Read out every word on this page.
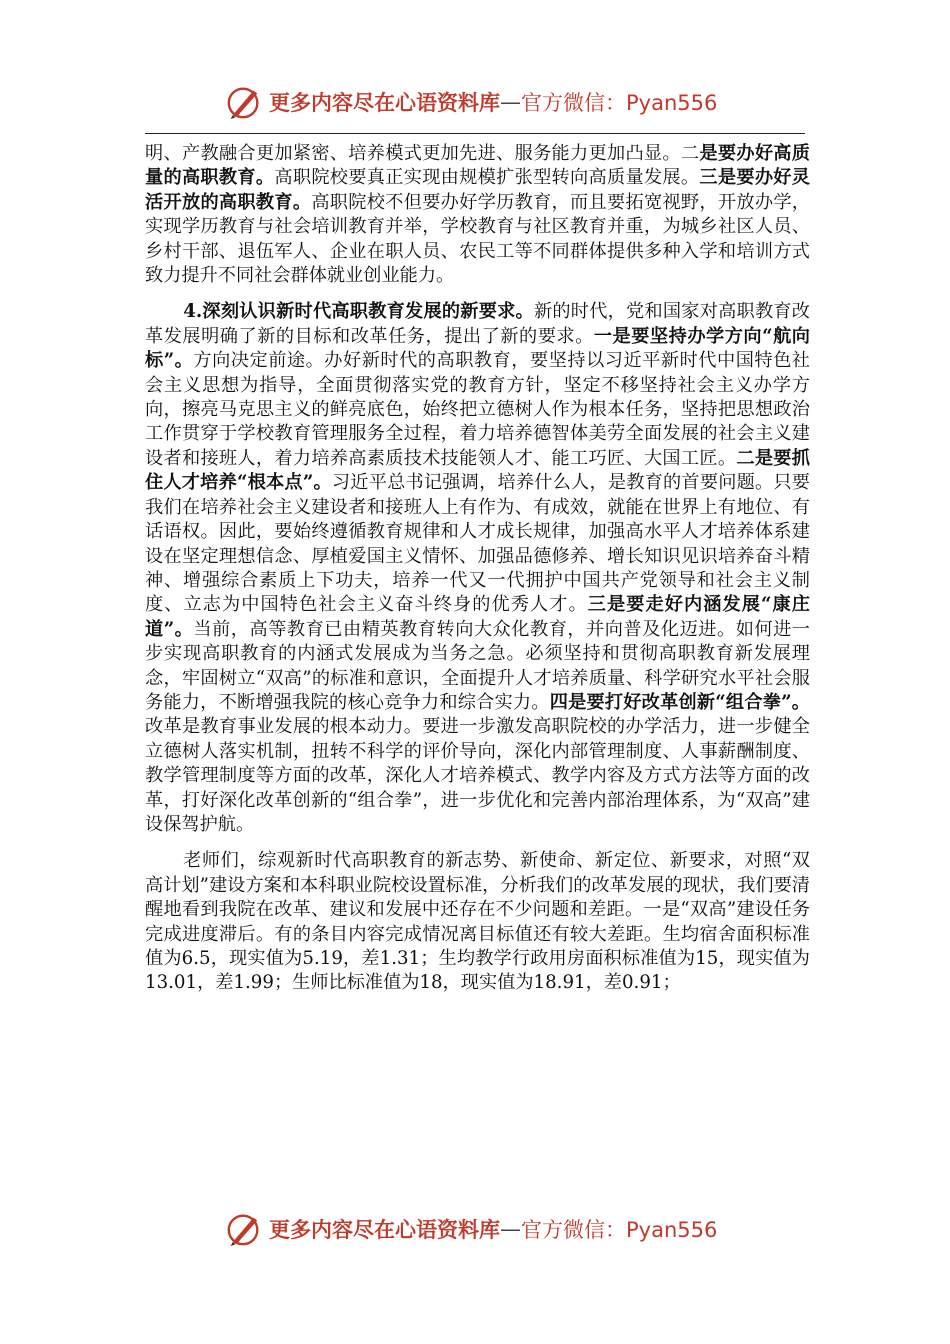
更多内容尽在心语资料库 — 官方微信：Pyan556

明、产教融合更加紧密、培养模式更加先进、服务能力更加凸显。二是要办好高质量的高职教育。高职院校要真正实现由规模扩张型转向高质量发展。三是要办好灵活开放的高职教育。高职院校不但要办好学历教育，而且要拓宽视野，开放办学，实现学历教育与社会培训教育并举，学校教育与社区教育并重，为城乡社区人员、乡村干部、退伍军人、企业在职人员、农民工等不同群体提供多种入学和培训方式致力提升不同社会群体就业创业能力。

4.深刻认识新时代高职教育发展的新要求。新的时代，党和国家对高职教育改革发展明确了新的目标和改革任务，提出了新的要求。一是要坚持办学方向“航向标”。方向决定前途。办好新时代的高职教育，要坚持以习近平新时代中国特色社会主义思想为指导，全面贯彻落实党的教育方针，坚定不移坚持社会主义办学方向，擦亮马克思主义的鲜亮底色，始终把立德树人作为根本任务，坚持把思想政治工作贯穿于学校教育管理服务全过程，着力培养德智体美劳全面发展的社会主义建设者和接班人，着力培养高素质技术技能领人才、能工巧匠、大国工匠。二是要抓住人才培养“根本点”。习近平总书记强调，培养什么人，是教育的首要问题。只要我们在培养社会主义建设者和接班人上有作为、有成效，就能在世界上有地位、有话语权。因此，要始终遵循教育规律和人才成长规律，加强高水平人才培养体系建设在坚定理想信念、厚植爱国主义情怀、加强品德修养、增长知识见识培养奋斗精神、增强综合素质上下功夫，培养一代又一代拥护中国共产党领导和社会主义制度、立志为中国特色社会主义奋斗终身的优秀人才。三是要走好内涵发展“康庄道”。当前，高等教育已由精英教育转向大众化教育，并向普及化迈进。如何进一步实现高职教育的内涵式发展成为当务之急。必须坚持和贯彻高职教育新发展理念，牢固树立“双高”的标准和意识，全面提升人才培养质量、科学研究水平社会服务能力，不断增强我院的核心竞争力和综合实力。四是要打好改革创新“组合拳”。改革是教育事业发展的根本动力。要进一步激发高职院校的办学活力，进一步健全立德树人落实机制，扭转不科学的评价导向，深化内部管理制度、人事薪酬制度、教学管理制度等方面的改革，深化人才培养模式、教学内容及方式方法等方面的改革，打好深化改革创新的“组合拳”，进一步优化和完善内部治理体系，为“双高”建设保驾护航。

老师们，综观新时代高职教育的新志势、新使命、新定位、新要求，对照“双高计划”建设方案和本科职业院校设置标准，分析我们的改革发展的现状，我们要清醒地看到我院在改革、建议和发展中还存在不少问题和差距。一是“双高”建设任务完成进度滞后。有的条目内容完成情况离目标值还有较大差距。生均宿舍面积标准值为6.5，现实值为5.19，差1.31；生均教学行政用房面积标准值为15，现实值为13.01，差1.99；生师比标准值为18，现实值为18.91，差0.91；

更多内容尽在心语资料库 — 官方微信：Pyan556
